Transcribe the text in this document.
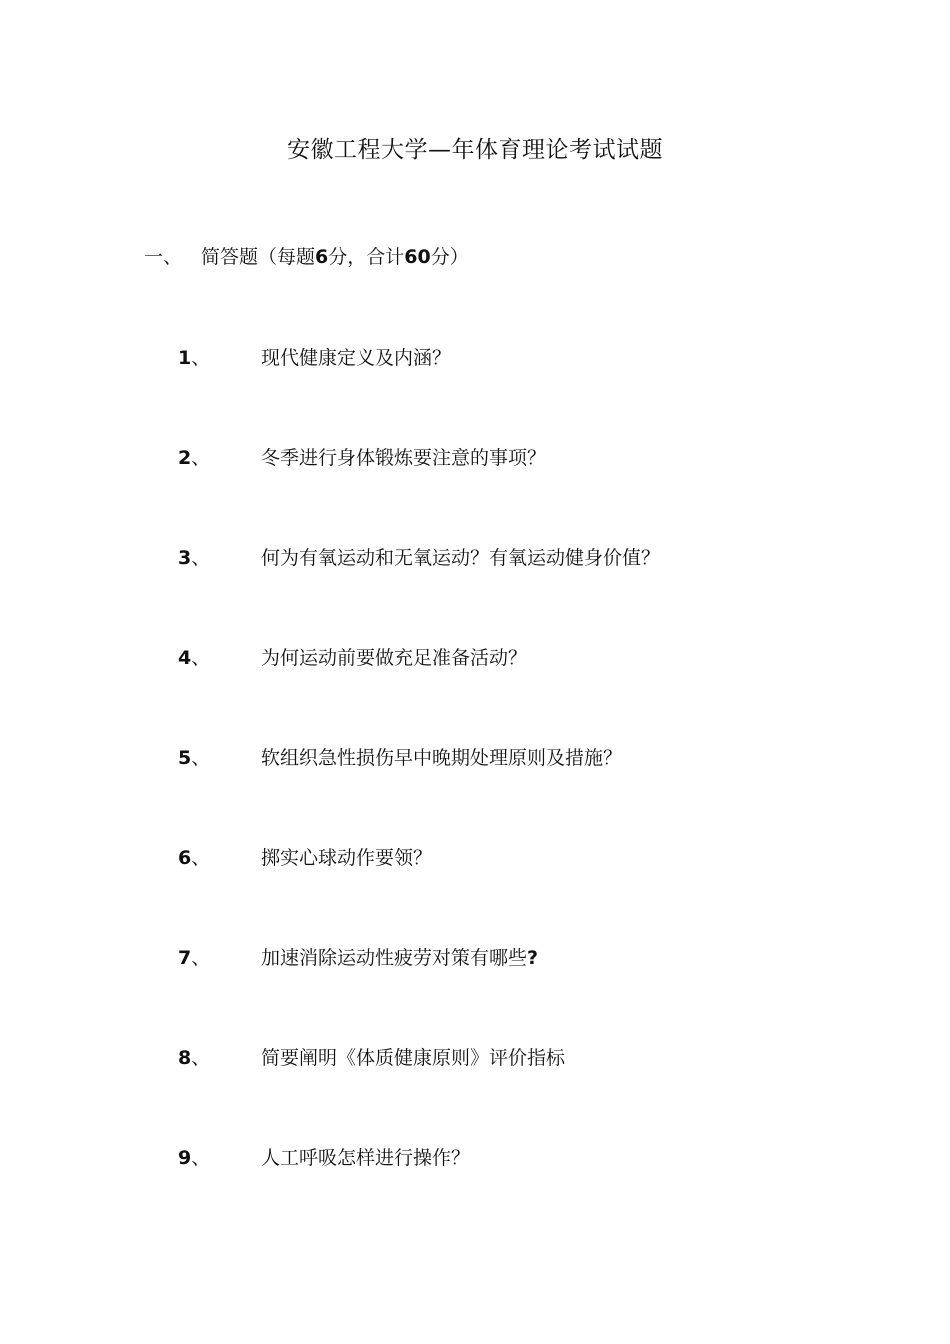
安徽工程大学—年体育理论考试试题
一、 简答题（每题6分，合计60分）
1、	现代健康定义及内涵？
2、	冬季进行身体锻炼要注意的事项？
3、	何为有氧运动和无氧运动？有氧运动健身价值？
4、	为何运动前要做充足准备活动？
5、	软组织急性损伤早中晚期处理原则及措施？
6、	掷实心球动作要领？
7、	加速消除运动性疲劳对策有哪些?
8、	简要阐明《体质健康原则》评价指标
9、	人工呼吸怎样进行操作？
